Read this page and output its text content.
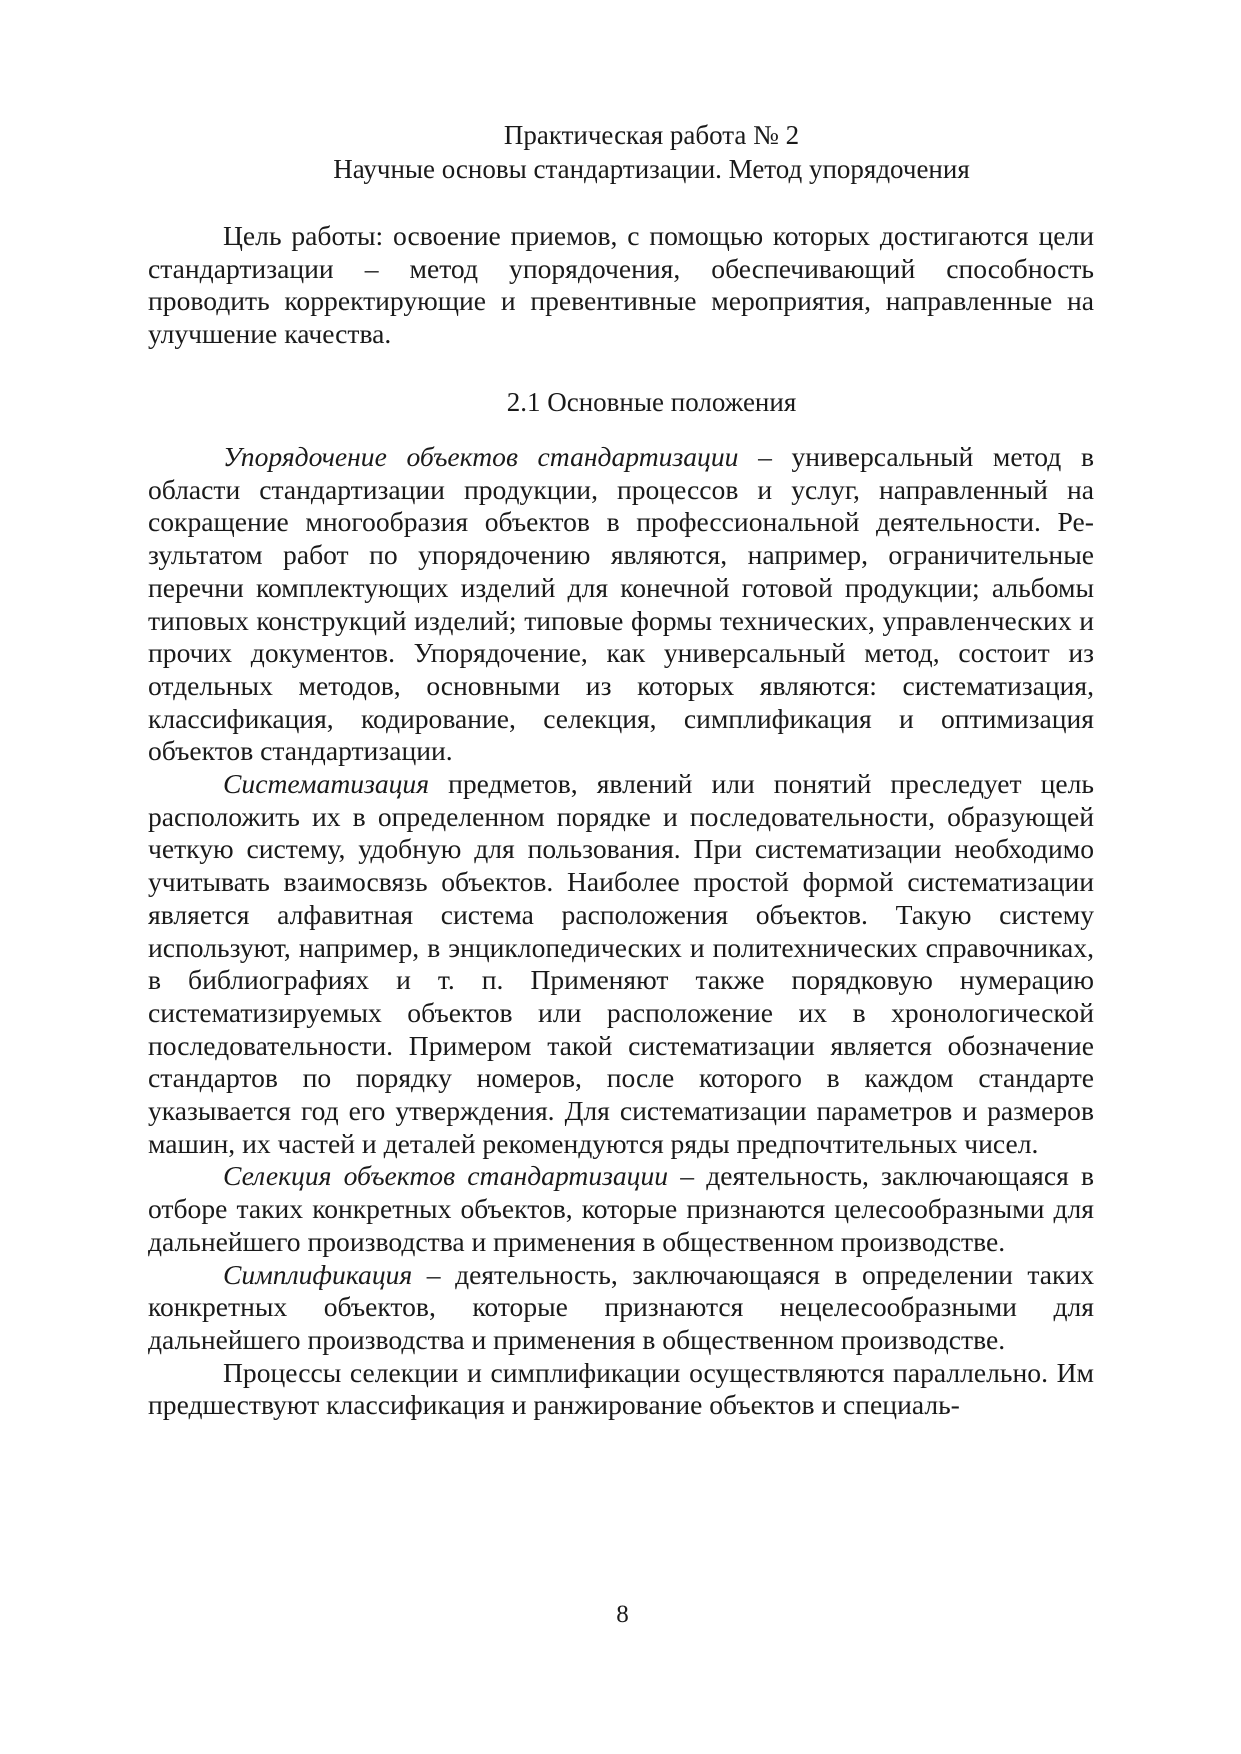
Практическая работа № 2
Научные основы стандартизации. Метод упорядочения

Цель работы: освоение приемов, с помощью которых достигаются цели стандартизации – метод упорядочения, обеспечивающий способность проводить корректирующие и превентивные мероприятия, направленные на улучшение качества.

2.1 Основные положения

Упорядочение объектов стандартизации – универсальный метод в области стандартизации продукции, процессов и услуг, направленный на сокращение многообразия объектов в профессиональной деятельности. Результатом работ по упорядочению являются, например, ограничительные перечни комплектующих изделий для конечной готовой продукции; альбомы типовых конструкций изделий; типовые формы технических, управленческих и прочих документов. Упорядочение, как универсальный метод, состоит из отдельных методов, основными из которых являются: систематизация, классификация, кодирование, селекция, симплификация и оптимизация объектов стандартизации.

Систематизация предметов, явлений или понятий преследует цель расположить их в определенном порядке и последовательности, образующей четкую систему, удобную для пользования. При систематизации необходимо учитывать взаимосвязь объектов. Наиболее простой формой систематизации является алфавитная система расположения объектов. Такую систему используют, например, в энциклопедических и политехнических справочниках, в библиографиях и т. п. Применяют также порядковую нумерацию систематизируемых объектов или расположение их в хронологической последовательности. Примером такой систематизации является обозначение стандартов по порядку номеров, после которого в каждом стандарте указывается год его утверждения. Для систематизации параметров и размеров машин, их частей и деталей рекомендуются ряды предпочтительных чисел.

Селекция объектов стандартизации – деятельность, заключающаяся в отборе таких конкретных объектов, которые признаются целесообразными для дальнейшего производства и применения в общественном производстве.

Симплификация – деятельность, заключающаяся в определении таких конкретных объектов, которые признаются нецелесообразными для дальнейшего производства и применения в общественном производстве.

Процессы селекции и симплификации осуществляются параллельно. Им предшествуют классификация и ранжирование объектов и специаль-

8
